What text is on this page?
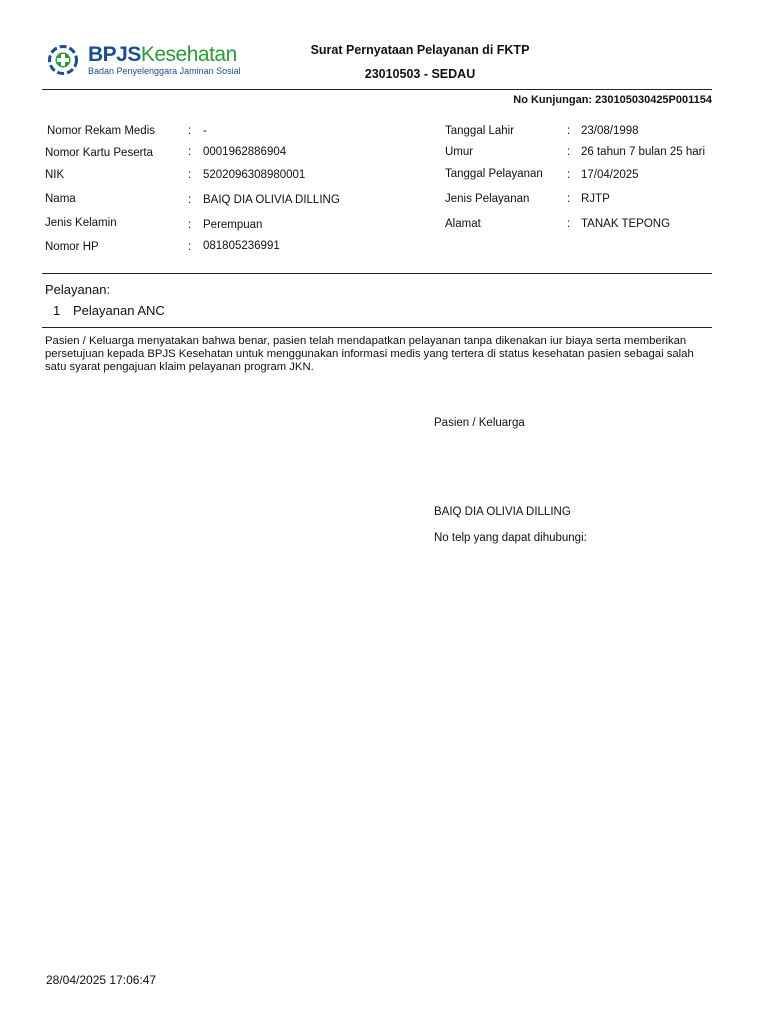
BPJSKesehatan
Badan Penyelenggara Jaminan Sosial
Surat Pernyataan Pelayanan di FKTP
23010503 - SEDAU
No Kunjungan: 230105030425P001154
Nomor Rekam Medis	: -
Nomor Kartu Peserta	: 0001962886904
NIK	: 5202096308980001
Nama	: BAIQ DIA OLIVIA DILLING
Jenis Kelamin	: Perempuan
Nomor HP	: 081805236991
Tanggal Lahir	: 23/08/1998
Umur	: 26 tahun 7 bulan 25 hari
Tanggal Pelayanan : 17/04/2025
Jenis Pelayanan	: RJTP
Alamat	: TANAK TEPONG
Pelayanan:
1 Pelayanan ANC
Pasien / Keluarga menyatakan bahwa benar, pasien telah mendapatkan pelayanan tanpa dikenakan iur biaya serta memberikan persetujuan kepada BPJS Kesehatan untuk menggunakan informasi medis yang tertera di status kesehatan pasien sebagai salah satu syarat pengajuan klaim pelayanan program JKN.
Pasien / Keluarga
BAIQ DIA OLIVIA DILLING
No telp yang dapat dihubungi:
28/04/2025 17:06:47
